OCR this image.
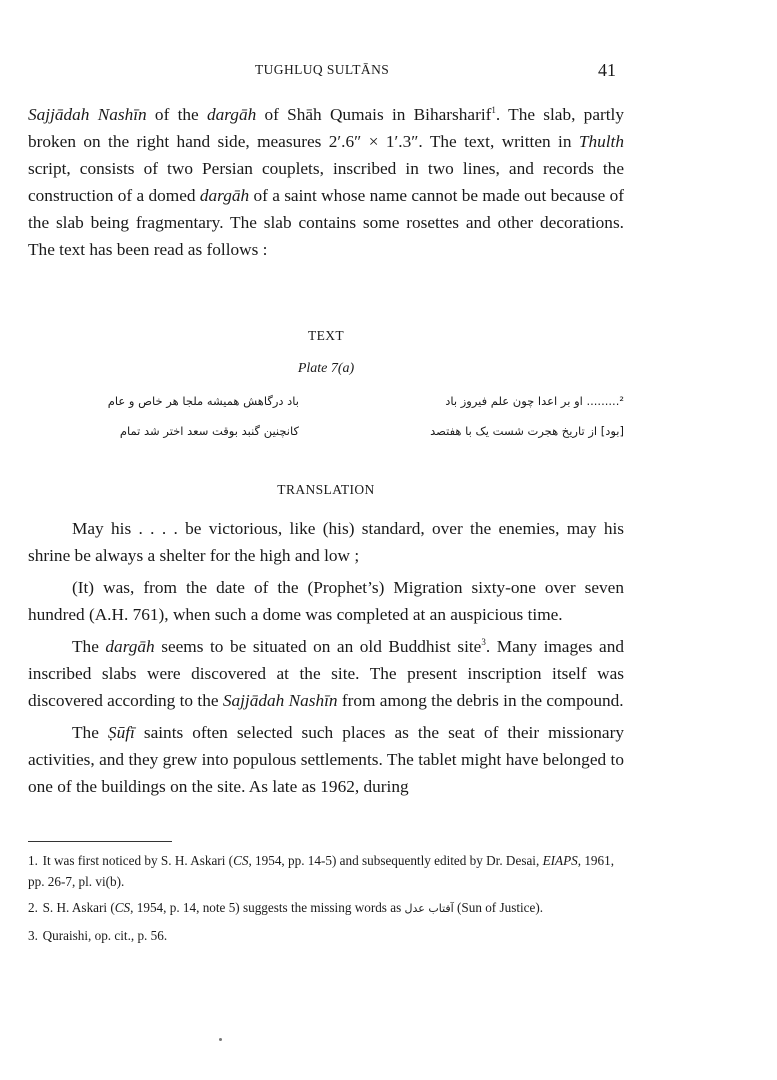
TUGHLUQ SULTĀNS	41

Sajjādah Nashīn of the dargāh of Shāh Qumais in Biharsharif$^1$. The slab, partly broken on the right hand side, measures 2′.6″ × 1′.3″. The text, written in Thulth script, consists of two Persian couplets, inscribed in two lines, and records the construction of a domed dargāh of a saint whose name cannot be made out because of the slab being fragmentary. The slab contains some rosettes and other decorations. The text has been read as follows :

TEXT
Plate 7(a)
²......... او بر اعدا چون علم فیروز باد
باد درگاهش همیشه ملجا هر خاص و عام
[بود] از تاریخ هجرت شست یک با هفتصد
کانچنین گنبد بوقت سعد اختر شد تمام
TRANSLATION

May his . . . . be victorious, like (his) standard, over the enemies, may his shrine be always a shelter for the high and low ;

(It) was, from the date of the (Prophet’s) Migration sixty-one over seven hundred (A.H. 761), when such a dome was completed at an auspicious time.

The dargāh seems to be situated on an old Buddhist site$^3$. Many images and inscribed slabs were discovered at the site. The present inscription itself was discovered according to the Sajjādah Nashīn from among the debris in the compound.

The Ṣūfī saints often selected such places as the seat of their missionary activities, and they grew into populous settlements. The tablet might have belonged to one of the buildings on the site. As late as 1962, during

1. It was first noticed by S. H. Askari (CS, 1954, pp. 14-5) and subsequently edited by Dr. Desai, EIAPS, 1961, pp. 26-7, pl. vi(b).
2. S. H. Askari (CS, 1954, p. 14, note 5) suggests the missing words as آفتاب عدل (Sun of Justice).
3. Quraishi, op. cit., p. 56.
